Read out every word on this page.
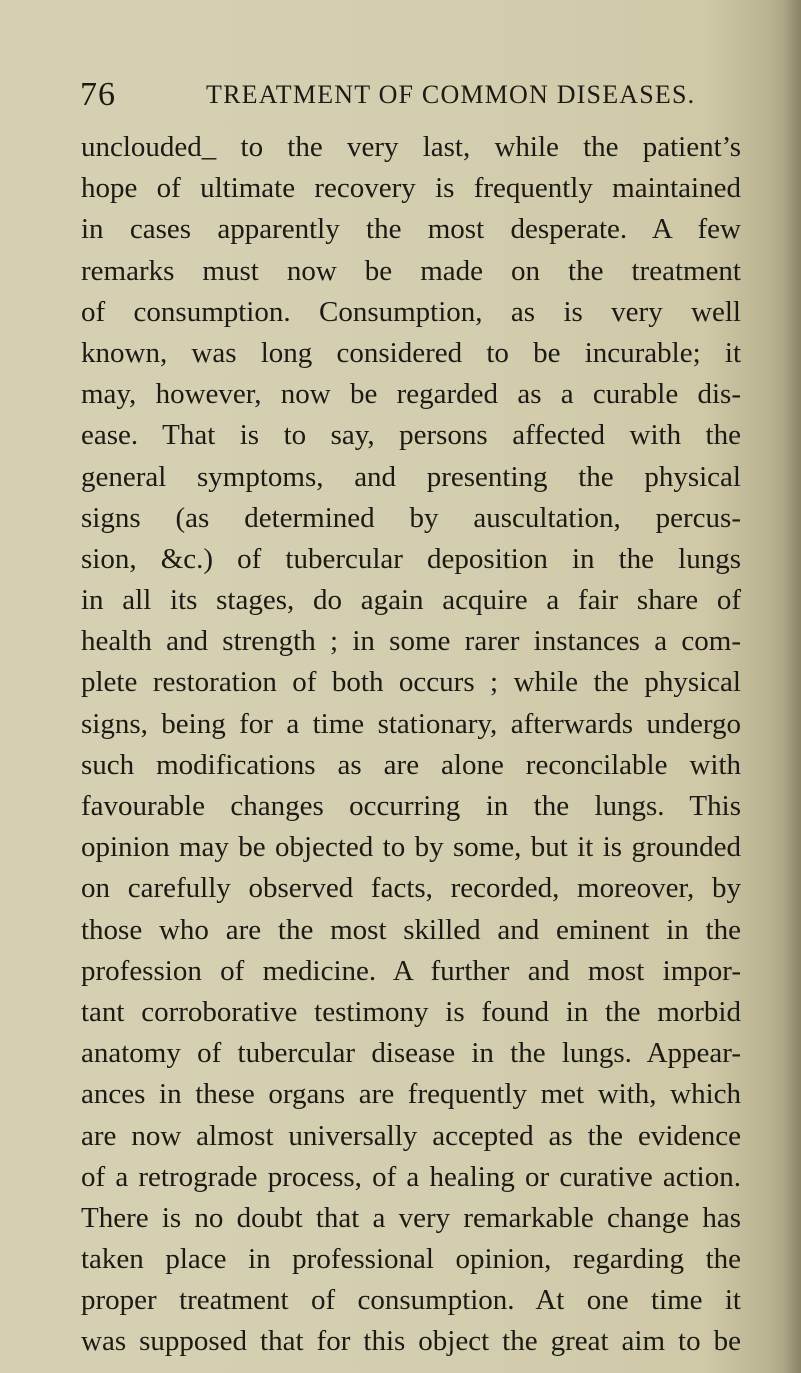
76	TREATMENT OF COMMON DISEASES.
unclouded_ to the very last, while the patient’s
hope of ultimate recovery is frequently maintained
in cases apparently the most desperate. A few
remarks must now be made on the treatment
of consumption. Consumption, as is very well
known, was long considered to be incurable; it
may, however, now be regarded as a curable dis-
ease. That is to say, persons affected with the
general symptoms, and presenting the physical
signs (as determined by auscultation, percus-
sion, &c.) of tubercular deposition in the lungs
in all its stages, do again acquire a fair share of
health and strength ; in some rarer instances a com-
plete restoration of both occurs ; while the physical
signs, being for a time stationary, afterwards undergo
such modifications as are alone reconcilable with
favourable changes occurring in the lungs. This
opinion may be objected to by some, but it is grounded
on carefully observed facts, recorded, moreover, by
those who are the most skilled and eminent in the
profession of medicine. A further and most impor-
tant corroborative testimony is found in the morbid
anatomy of tubercular disease in the lungs. Appear-
ances in these organs are frequently met with, which
are now almost universally accepted as the evidence
of a retrograde process, of a healing or curative action.
There is no doubt that a very remarkable change has
taken place in professional opinion, regarding the
proper treatment of consumption. At one time it
was supposed that for this object the great aim to be
